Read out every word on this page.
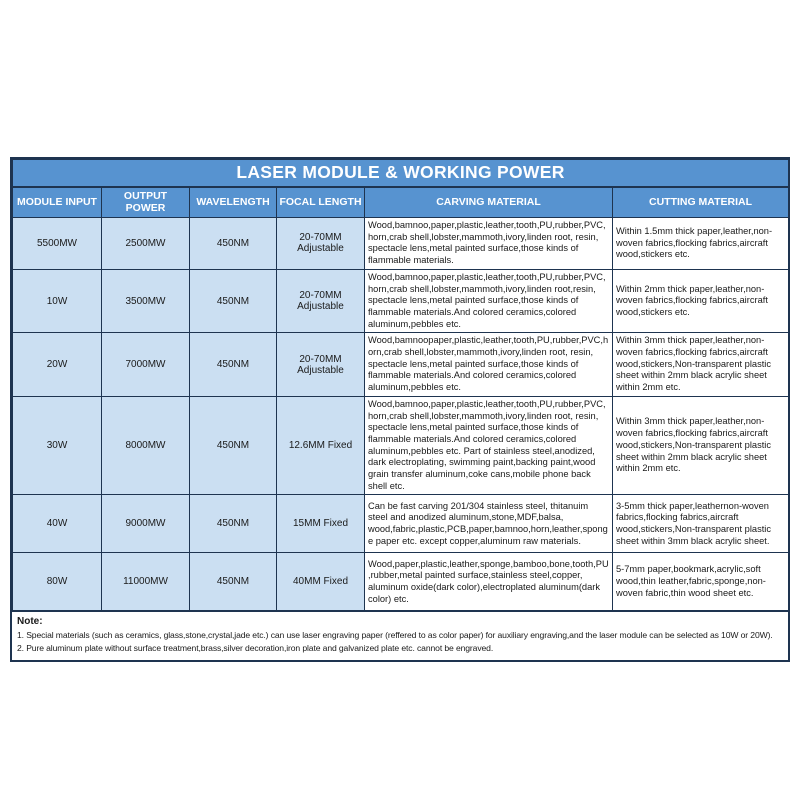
LASER MODULE & WORKING POWER					
MODULE INPUT	OUTPUT POWER	WAVELENGTH	FOCAL LENGTH	CARVING MATERIAL	CUTTING MATERIAL
5500MW	2500MW	450NM	20-70MM Adjustable	Wood,bamnoo,paper,plastic,leather,tooth,PU,rubber,PVC,horn,crab shell,lobster,mammoth,ivory,linden root, resin, spectacle lens,metal painted surface,those kinds of flammable materials.	Within 1.5mm thick paper,leather,non-woven fabrics,flocking fabrics,aircraft wood,stickers etc.
10W	3500MW	450NM	20-70MM Adjustable	Wood,bamnoo,paper,plastic,leather,tooth,PU,rubber,PVC,horn,crab shell,lobster,mammoth,ivory,linden root,resin, spectacle lens,metal painted surface,those kinds of flammable materials.And colored ceramics,colored aluminum,pebbles etc.	Within 2mm thick paper,leather,non-woven fabrics,flocking fabrics,aircraft wood,stickers etc.
20W	7000MW	450NM	20-70MM Adjustable	Wood,bamnoopaper,plastic,leather,tooth,PU,rubber,PVC,horn,crab shell,lobster,mammoth,ivory,linden root, resin, spectacle lens,metal painted surface,those kinds of flammable materials.And colored ceramics,colored aluminum,pebbles etc.	Within 3mm thick paper,leather,non-woven fabrics,flocking fabrics,aircraft wood,stickers,Non-transparent plastic sheet within 2mm black acrylic sheet within 2mm etc.
30W	8000MW	450NM	12.6MM Fixed	Wood,bamnoo,paper,plastic,leather,tooth,PU,rubber,PVC,horn,crab shell,lobster,mammoth,ivory,linden root, resin, spectacle lens,metal painted surface,those kinds of flammable materials.And colored ceramics,colored aluminum,pebbles etc. Part of stainless steel,anodized, dark electroplating, swimming paint,backing paint,wood grain transfer aluminum,coke cans,mobile phone back shell etc.	Within 3mm thick paper,leather,non-woven fabrics,flocking fabrics,aircraft wood,stickers,Non-transparent plastic sheet within 2mm black acrylic sheet within 2mm etc.
40W	9000MW	450NM	15MM Fixed	Can be fast carving 201/304 stainless steel, thitanuim steel and anodized aluminum,stone,MDF,balsa, wood,fabric,plastic,PCB,paper,bamnoo,horn,leather,sponge paper etc. except copper,aluminum raw materials.	3-5mm thick paper,leathernon-woven fabrics,flocking fabrics,aircraft wood,stickers,Non-transparent plastic sheet within 3mm black acrylic sheet.
80W	11000MW	450NM	40MM Fixed	Wood,paper,plastic,leather,sponge,bamboo,bone,tooth,PU,rubber,metal painted surface,stainless steel,copper, aluminum oxide(dark color),electroplated aluminum(dark color) etc.	5-7mm paper,bookmark,acrylic,soft wood,thin leather,fabric,sponge,non-woven fabric,thin wood sheet etc.
Note:
1. Special materials (such as ceramics, glass,stone,crystal,jade etc.) can use laser engraving paper (reffered to as color paper) for auxiliary engraving,and the laser module can be selected as 10W or 20W).
2. Pure aluminum plate without surface treatment,brass,silver decoration,iron plate and galvanized plate etc. cannot be engraved.
